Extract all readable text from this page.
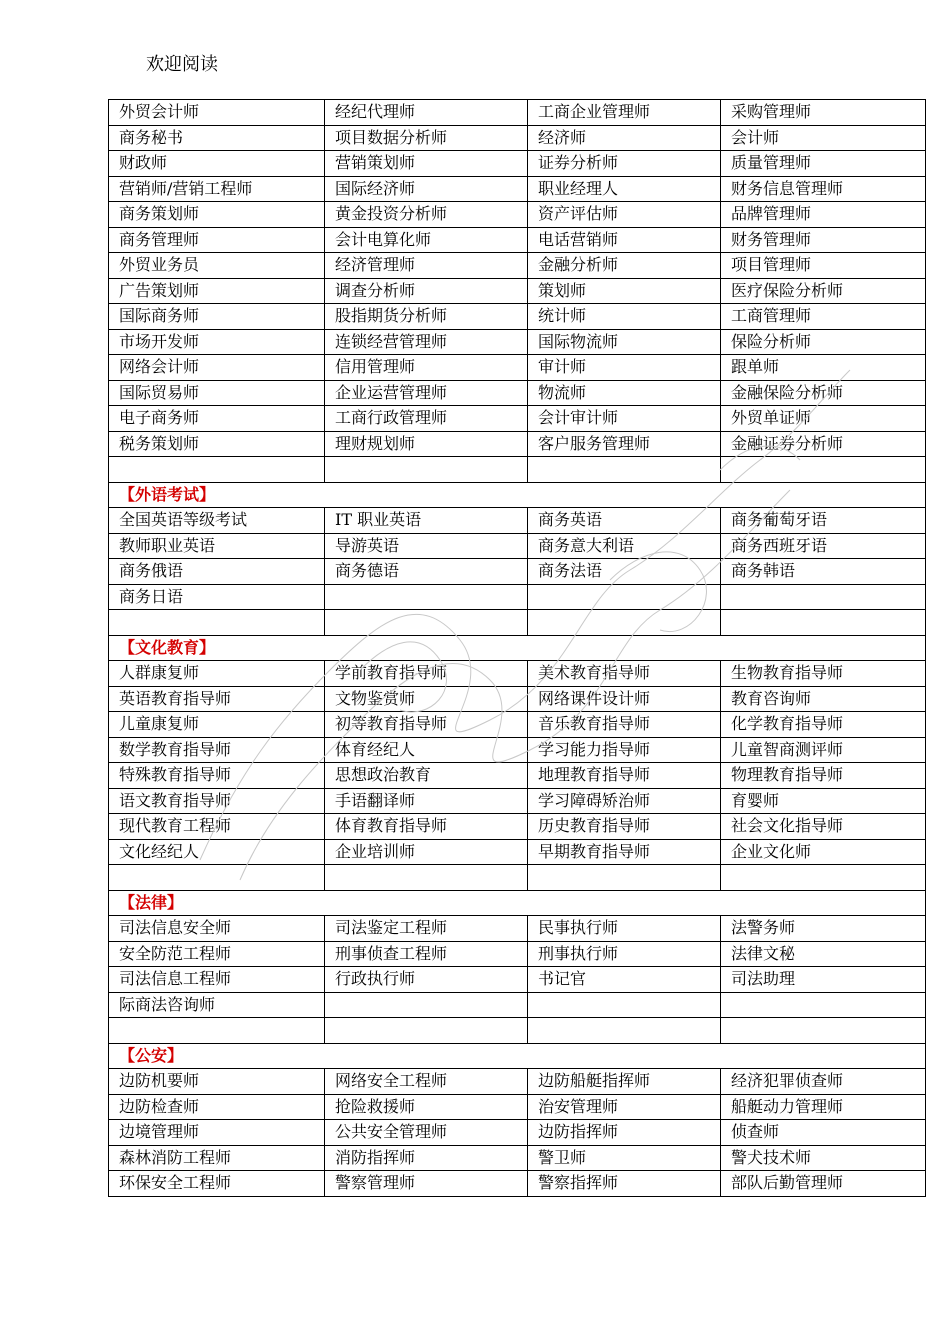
欢迎阅读
外贸会计师	经纪代理师	工商企业管理师	采购管理师
商务秘书	项目数据分析师	经济师	会计师
财政师	营销策划师	证券分析师	质量管理师
营销师/营销工程师	国际经济师	职业经理人	财务信息管理师
商务策划师	黄金投资分析师	资产评估师	品牌管理师
商务管理师	会计电算化师	电话营销师	财务管理师
外贸业务员	经济管理师	金融分析师	项目管理师
广告策划师	调查分析师	策划师	医疗保险分析师
国际商务师	股指期货分析师	统计师	工商管理师
市场开发师	连锁经营管理师	国际物流师	保险分析师
网络会计师	信用管理师	审计师	跟单师
国际贸易师	企业运营管理师	物流师	金融保险分析师
电子商务师	工商行政管理师	会计审计师	外贸单证师
税务策划师	理财规划师	客户服务管理师	金融证券分析师

【外语考试】			
全国英语等级考试	IT 职业英语	商务英语	商务葡萄牙语
教师职业英语	导游英语	商务意大利语	商务西班牙语
商务俄语	商务德语	商务法语	商务韩语
商务日语			

【文化教育】			
人群康复师	学前教育指导师	美术教育指导师	生物教育指导师
英语教育指导师	文物鉴赏师	网络课件设计师	教育咨询师
儿童康复师	初等教育指导师	音乐教育指导师	化学教育指导师
数学教育指导师	体育经纪人	学习能力指导师	儿童智商测评师
特殊教育指导师	思想政治教育	地理教育指导师	物理教育指导师
语文教育指导师	手语翻译师	学习障碍矫治师	育婴师
现代教育工程师	体育教育指导师	历史教育指导师	社会文化指导师
文化经纪人	企业培训师	早期教育指导师	企业文化师

【法律】			
司法信息安全师	司法鉴定工程师	民事执行师	法警务师
安全防范工程师	刑事侦查工程师	刑事执行师	法律文秘
司法信息工程师	行政执行师	书记官	司法助理
际商法咨询师			

【公安】			
边防机要师	网络安全工程师	边防船艇指挥师	经济犯罪侦查师
边防检查师	抢险救援师	治安管理师	船艇动力管理师
边境管理师	公共安全管理师	边防指挥师	侦查师
森林消防工程师	消防指挥师	警卫师	警犬技术师
环保安全工程师	警察管理师	警察指挥师	部队后勤管理师
